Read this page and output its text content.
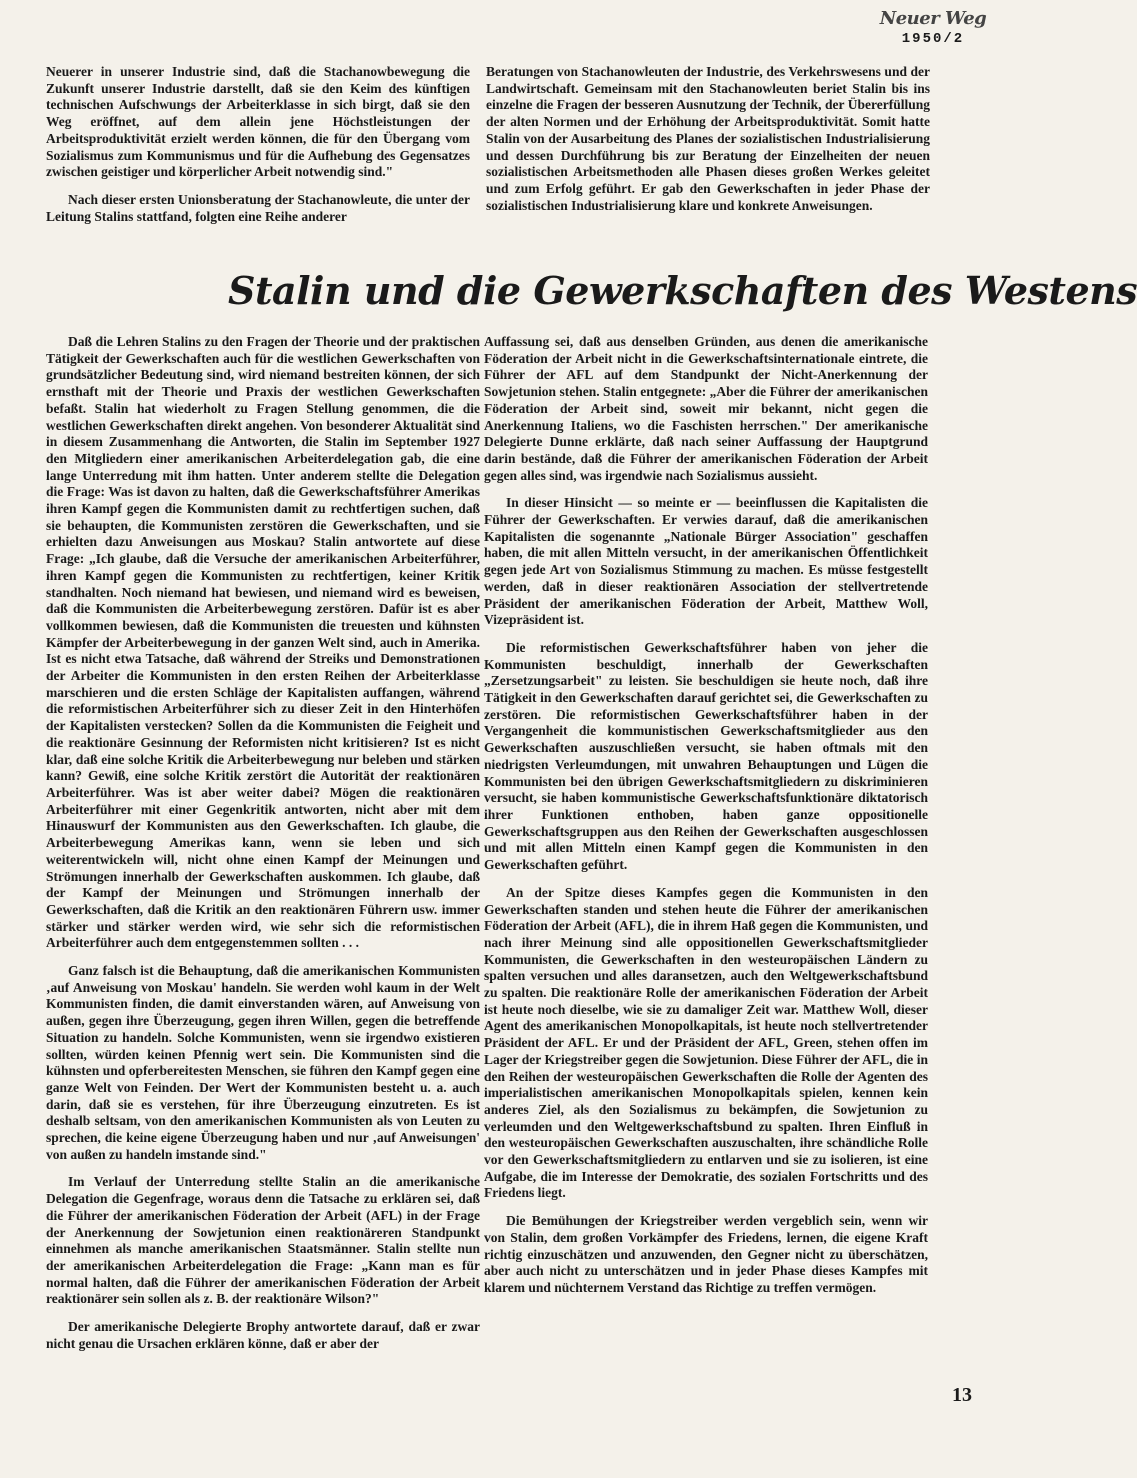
Neuer Weg
1950/2

Neuerer in unserer Industrie sind, daß die Stachanowbewegung die Zukunft unserer Industrie darstellt, daß sie den Keim des künftigen technischen Aufschwungs der Arbeiterklasse in sich birgt, daß sie den Weg eröffnet, auf dem allein jene Höchstleistungen der Arbeitsproduktivität erzielt werden können, die für den Übergang vom Sozialismus zum Kommunismus und für die Aufhebung des Gegensatzes zwischen geistiger und körperlicher Arbeit notwendig sind."

Nach dieser ersten Unionsberatung der Stachanowleute, die unter der Leitung Stalins stattfand, folgten eine Reihe anderer

Beratungen von Stachanowleuten der Industrie, des Verkehrswesens und der Landwirtschaft. Gemeinsam mit den Stachanowleuten beriet Stalin bis ins einzelne die Fragen der besseren Ausnutzung der Technik, der Übererfüllung der alten Normen und der Erhöhung der Arbeitsproduktivität. Somit hatte Stalin von der Ausarbeitung des Planes der sozialistischen Industrialisierung und dessen Durchführung bis zur Beratung der Einzelheiten der neuen sozialistischen Arbeitsmethoden alle Phasen dieses großen Werkes geleitet und zum Erfolg geführt. Er gab den Gewerkschaften in jeder Phase der sozialistischen Industrialisierung klare und konkrete Anweisungen.

Stalin und die Gewerkschaften des Westens

Daß die Lehren Stalins zu den Fragen der Theorie und der praktischen Tätigkeit der Gewerkschaften auch für die westlichen Gewerkschaften von grundsätzlicher Bedeutung sind, wird niemand bestreiten können, der sich ernsthaft mit der Theorie und Praxis der westlichen Gewerkschaften befaßt. Stalin hat wiederholt zu Fragen Stellung genommen, die die westlichen Gewerkschaften direkt angehen. Von besonderer Aktualität sind in diesem Zusammenhang die Antworten, die Stalin im September 1927 den Mitgliedern einer amerikanischen Arbeiterdelegation gab, die eine lange Unterredung mit ihm hatten. Unter anderem stellte die Delegation die Frage: Was ist davon zu halten, daß die Gewerkschaftsführer Amerikas ihren Kampf gegen die Kommunisten damit zu rechtfertigen suchen, daß sie behaupten, die Kommunisten zerstören die Gewerkschaften, und sie erhielten dazu Anweisungen aus Moskau? Stalin antwortete auf diese Frage: „Ich glaube, daß die Versuche der amerikanischen Arbeiterführer, ihren Kampf gegen die Kommunisten zu rechtfertigen, keiner Kritik standhalten. Noch niemand hat bewiesen, und niemand wird es beweisen, daß die Kommunisten die Arbeiterbewegung zerstören. Dafür ist es aber vollkommen bewiesen, daß die Kommunisten die treuesten und kühnsten Kämpfer der Arbeiterbewegung in der ganzen Welt sind, auch in Amerika. Ist es nicht etwa Tatsache, daß während der Streiks und Demonstrationen der Arbeiter die Kommunisten in den ersten Reihen der Arbeiterklasse marschieren und die ersten Schläge der Kapitalisten auffangen, während die reformistischen Arbeiterführer sich zu dieser Zeit in den Hinterhöfen der Kapitalisten verstecken? Sollen da die Kommunisten die Feigheit und die reaktionäre Gesinnung der Reformisten nicht kritisieren? Ist es nicht klar, daß eine solche Kritik die Arbeiterbewegung nur beleben und stärken kann? Gewiß, eine solche Kritik zerstört die Autorität der reaktionären Arbeiterführer. Was ist aber weiter dabei? Mögen die reaktionären Arbeiterführer mit einer Gegenkritik antworten, nicht aber mit dem Hinauswurf der Kommunisten aus den Gewerkschaften. Ich glaube, die Arbeiterbewegung Amerikas kann, wenn sie leben und sich weiterentwickeln will, nicht ohne einen Kampf der Meinungen und Strömungen innerhalb der Gewerkschaften auskommen. Ich glaube, daß der Kampf der Meinungen und Strömungen innerhalb der Gewerkschaften, daß die Kritik an den reaktionären Führern usw. immer stärker und stärker werden wird, wie sehr sich die reformistischen Arbeiterführer auch dem entgegenstemmen sollten . . .

Ganz falsch ist die Behauptung, daß die amerikanischen Kommunisten ‚auf Anweisung von Moskau' handeln. Sie werden wohl kaum in der Welt Kommunisten finden, die damit einverstanden wären, auf Anweisung von außen, gegen ihre Überzeugung, gegen ihren Willen, gegen die betreffende Situation zu handeln. Solche Kommunisten, wenn sie irgendwo existieren sollten, würden keinen Pfennig wert sein. Die Kommunisten sind die kühnsten und opferbereitesten Menschen, sie führen den Kampf gegen eine ganze Welt von Feinden. Der Wert der Kommunisten besteht u. a. auch darin, daß sie es verstehen, für ihre Überzeugung einzutreten. Es ist deshalb seltsam, von den amerikanischen Kommunisten als von Leuten zu sprechen, die keine eigene Überzeugung haben und nur ‚auf Anweisungen' von außen zu handeln imstande sind."

Im Verlauf der Unterredung stellte Stalin an die amerikanische Delegation die Gegenfrage, woraus denn die Tatsache zu erklären sei, daß die Führer der amerikanischen Föderation der Arbeit (AFL) in der Frage der Anerkennung der Sowjetunion einen reaktionäreren Standpunkt einnehmen als manche amerikanischen Staatsmänner. Stalin stellte nun der amerikanischen Arbeiterdelegation die Frage: „Kann man es für normal halten, daß die Führer der amerikanischen Föderation der Arbeit reaktionärer sein sollen als z. B. der reaktionäre Wilson?"

Der amerikanische Delegierte Brophy antwortete darauf, daß er zwar nicht genau die Ursachen erklären könne, daß er aber der

Auffassung sei, daß aus denselben Gründen, aus denen die amerikanische Föderation der Arbeit nicht in die Gewerkschaftsinternationale eintrete, die Führer der AFL auf dem Standpunkt der Nicht-Anerkennung der Sowjetunion stehen. Stalin entgegnete: „Aber die Führer der amerikanischen Föderation der Arbeit sind, soweit mir bekannt, nicht gegen die Anerkennung Italiens, wo die Faschisten herrschen." Der amerikanische Delegierte Dunne erklärte, daß nach seiner Auffassung der Hauptgrund darin bestände, daß die Führer der amerikanischen Föderation der Arbeit gegen alles sind, was irgendwie nach Sozialismus aussieht.

In dieser Hinsicht — so meinte er — beeinflussen die Kapitalisten die Führer der Gewerkschaften. Er verwies darauf, daß die amerikanischen Kapitalisten die sogenannte „Nationale Bürger Association" geschaffen haben, die mit allen Mitteln versucht, in der amerikanischen Öffentlichkeit gegen jede Art von Sozialismus Stimmung zu machen. Es müsse festgestellt werden, daß in dieser reaktionären Association der stellvertretende Präsident der amerikanischen Föderation der Arbeit, Matthew Woll, Vizepräsident ist.

Die reformistischen Gewerkschaftsführer haben von jeher die Kommunisten beschuldigt, innerhalb der Gewerkschaften „Zersetzungsarbeit" zu leisten. Sie beschuldigen sie heute noch, daß ihre Tätigkeit in den Gewerkschaften darauf gerichtet sei, die Gewerkschaften zu zerstören. Die reformistischen Gewerkschaftsführer haben in der Vergangenheit die kommunistischen Gewerkschaftsmitglieder aus den Gewerkschaften auszuschließen versucht, sie haben oftmals mit den niedrigsten Verleumdungen, mit unwahren Behauptungen und Lügen die Kommunisten bei den übrigen Gewerkschaftsmitgliedern zu diskriminieren versucht, sie haben kommunistische Gewerkschaftsfunktionäre diktatorisch ihrer Funktionen enthoben, haben ganze oppositionelle Gewerkschaftsgruppen aus den Reihen der Gewerkschaften ausgeschlossen und mit allen Mitteln einen Kampf gegen die Kommunisten in den Gewerkschaften geführt.

An der Spitze dieses Kampfes gegen die Kommunisten in den Gewerkschaften standen und stehen heute die Führer der amerikanischen Föderation der Arbeit (AFL), die in ihrem Haß gegen die Kommunisten, und nach ihrer Meinung sind alle oppositionellen Gewerkschaftsmitglieder Kommunisten, die Gewerkschaften in den westeuropäischen Ländern zu spalten versuchen und alles daransetzen, auch den Weltgewerkschaftsbund zu spalten. Die reaktionäre Rolle der amerikanischen Föderation der Arbeit ist heute noch dieselbe, wie sie zu damaliger Zeit war. Matthew Woll, dieser Agent des amerikanischen Monopolkapitals, ist heute noch stellvertretender Präsident der AFL. Er und der Präsident der AFL, Green, stehen offen im Lager der Kriegstreiber gegen die Sowjetunion. Diese Führer der AFL, die in den Reihen der westeuropäischen Gewerkschaften die Rolle der Agenten des imperialistischen amerikanischen Monopolkapitals spielen, kennen kein anderes Ziel, als den Sozialismus zu bekämpfen, die Sowjetunion zu verleumden und den Weltgewerkschaftsbund zu spalten. Ihren Einfluß in den westeuropäischen Gewerkschaften auszuschalten, ihre schändliche Rolle vor den Gewerkschaftsmitgliedern zu entlarven und sie zu isolieren, ist eine Aufgabe, die im Interesse der Demokratie, des sozialen Fortschritts und des Friedens liegt.

Die Bemühungen der Kriegstreiber werden vergeblich sein, wenn wir von Stalin, dem großen Vorkämpfer des Friedens, lernen, die eigene Kraft richtig einzuschätzen und anzuwenden, den Gegner nicht zu überschätzen, aber auch nicht zu unterschätzen und in jeder Phase dieses Kampfes mit klarem und nüchternem Verstand das Richtige zu treffen vermögen.

13
